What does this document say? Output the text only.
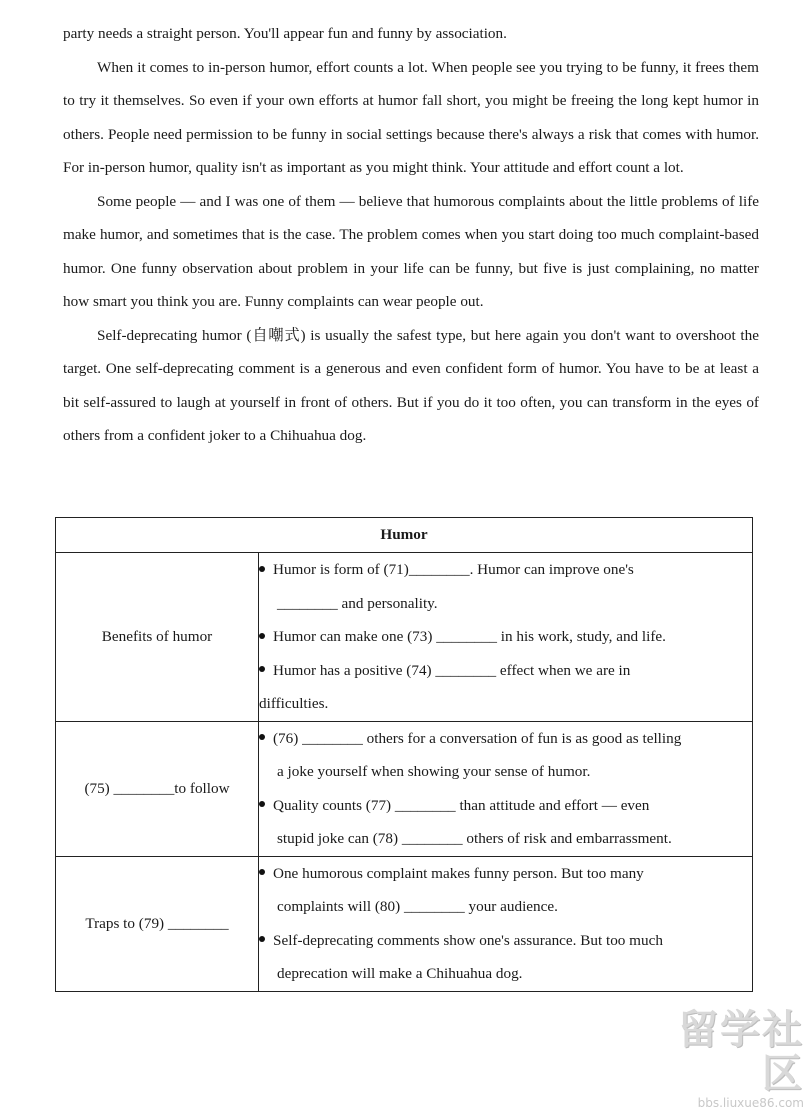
party needs a straight person. You'll appear fun and funny by association.

When it comes to in-person humor, effort counts a lot. When people see you trying to be funny, it frees them to try it themselves. So even if your own efforts at humor fall short, you might be freeing the long kept humor in others. People need permission to be funny in social settings because there's always a risk that comes with humor. For in-person humor, quality isn't as important as you might think. Your attitude and effort count a lot.

Some people — and I was one of them — believe that humorous complaints about the little problems of life make humor, and sometimes that is the case. The problem comes when you start doing too much complaint-based humor. One funny observation about problem in your life can be funny, but five is just complaining, no matter how smart you think you are. Funny complaints can wear people out.

Self-deprecating humor (自嘲式) is usually the safest type, but here again you don't want to overshoot the target. One self-deprecating comment is a generous and even confident form of humor. You have to be at least a bit self-assured to laugh at yourself in front of others. But if you do it too often, you can transform in the eyes of others from a confident joker to a Chihuahua dog.

Humor	
Benefits of humor	Humor is form of (71)________. Humor can improve one's
________ and personality.
Humor can make one (73) ________ in his work, study, and life.
Humor has a positive (74) ________ effect when we are in
difficulties.

(75) ________to follow	(76) ________ others for a conversation of fun is as good as telling
a joke yourself when showing your sense of humor.
Quality counts (77) ________ than attitude and effort — even
stupid joke can (78) ________ others of risk and embarrassment.

Traps to (79) ________	One humorous complaint makes funny person. But too many
complaints will (80) ________ your audience.
Self-deprecating comments show one's assurance. But too much
deprecation will make a Chihuahua dog.
留学社区
bbs.liuxue86.com
